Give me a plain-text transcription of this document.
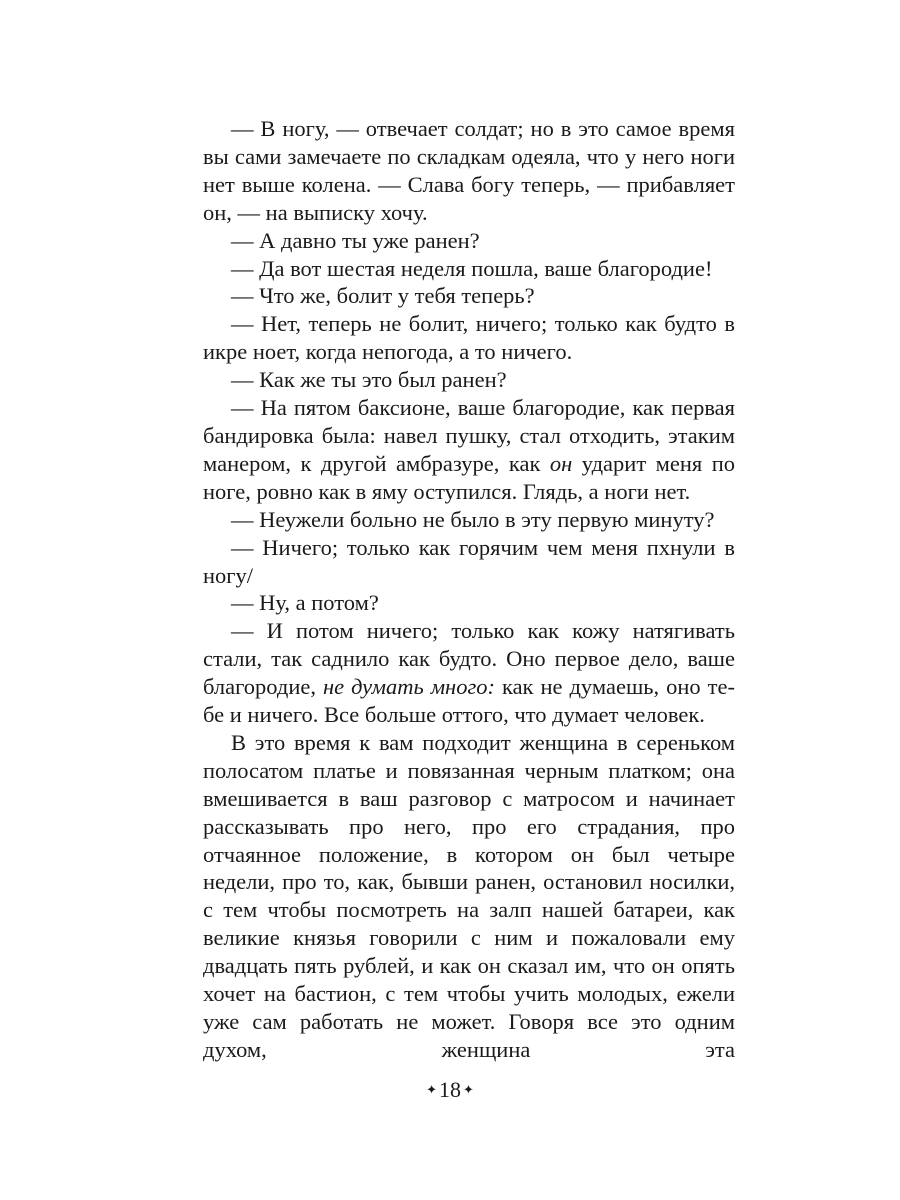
— В ногу, — отвечает солдат; но в это самое время вы сами замечаете по складкам одеяла, что у него ноги нет выше колена. — Слава богу теперь, — прибавляет он, — на выписку хочу.

— А давно ты уже ранен?

— Да вот шестая неделя пошла, ваше благородие!

— Что же, болит у тебя теперь?

— Нет, теперь не болит, ничего; только как будто в икре ноет, когда непогода, а то ничего.

— Как же ты это был ранен?

— На пятом баксионе, ваше благородие, как первая бандировка была: навел пушку, стал отходить, этаким манером, к другой амбразуре, как он ударит меня по ноге, ровно как в яму оступился. Глядь, а ноги нет.

— Неужели больно не было в эту первую минуту?

— Ничего; только как горячим чем меня пхнули в ногу/

— Ну, а потом?

— И потом ничего; только как кожу натягивать стали, так саднило как будто. Оно первое дело, ваше благородие, не думать много: как не думаешь, оно тебе и ничего. Все больше оттого, что думает человек.

В это время к вам подходит женщина в сереньком полосатом платье и повязанная черным платком; она вмешивается в ваш разговор с матросом и начинает рассказывать про него, про его страдания, про отчаянное положение, в котором он был четыре недели, про то, как, бывши ранен, остановил носилки, с тем чтобы посмотреть на залп нашей батареи, как великие князья говорили с ним и пожаловали ему двадцать пять рублей, и как он сказал им, что он опять хочет на бастион, с тем чтобы учить молодых, ежели уже сам работать не может. Говоря все это одним духом, женщина эта

✦18 ✦
